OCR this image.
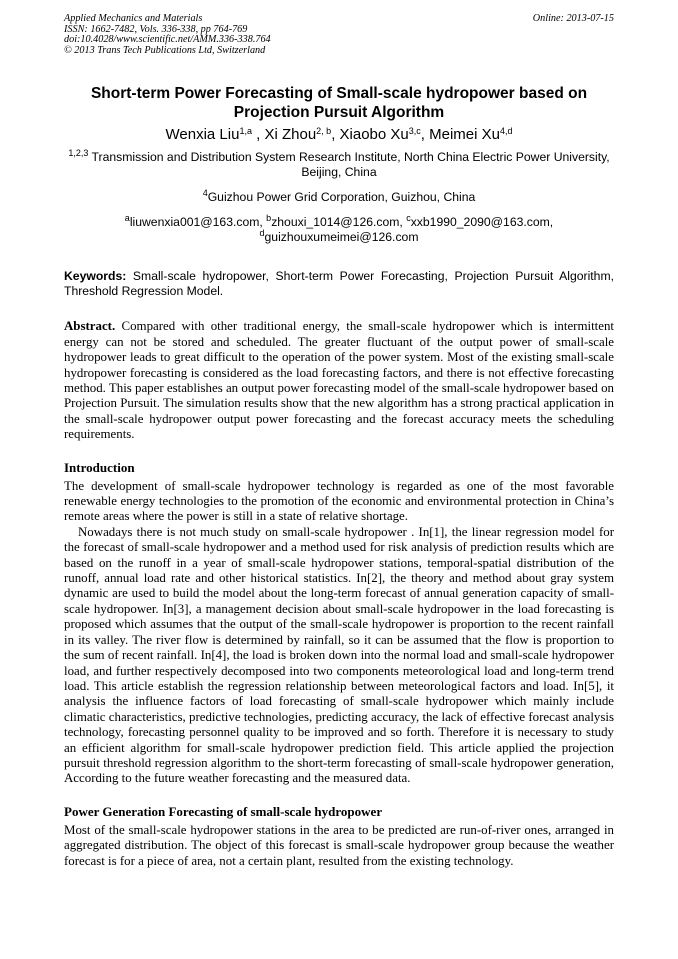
Applied Mechanics and Materials
ISSN: 1662-7482, Vols. 336-338, pp 764-769
doi:10.4028/www.scientific.net/AMM.336-338.764
© 2013 Trans Tech Publications Ltd, Switzerland
Online: 2013-07-15
Short-term Power Forecasting of Small-scale hydropower based on Projection Pursuit Algorithm
Wenxia Liu$^{1,a}$ , Xi Zhou$^{2, b}$, Xiaobo Xu$^{3,c}$, Meimei Xu$^{4,d}$
$^{1,2,3}$ Transmission and Distribution System Research Institute, North China Electric Power University, Beijing, China
$^4$Guizhou Power Grid Corporation, Guizhou, China
$^a$liuwenxia001@163.com, $^b$zhouxi_1014@126.com, $^c$xxb1990_2090@163.com,
$^d$guizhouxumeimei@126.com
Keywords: Small-scale hydropower, Short-term Power Forecasting, Projection Pursuit Algorithm, Threshold Regression Model.
Abstract. Compared with other traditional energy, the small-scale hydropower which is intermittent energy can not be stored and scheduled. The greater fluctuant of the output power of small-scale hydropower leads to great difficult to the operation of the power system. Most of the existing small-scale hydropower forecasting is considered as the load forecasting factors, and there is not effective forecasting method. This paper establishes an output power forecasting model of the small-scale hydropower based on Projection Pursuit. The simulation results show that the new algorithm has a strong practical application in the small-scale hydropower output power forecasting and the forecast accuracy meets the scheduling requirements.
Introduction
The development of small-scale hydropower technology is regarded as one of the most favorable renewable energy technologies to the promotion of the economic and environmental protection in China’s remote areas where the power is still in a state of relative shortage.
Nowadays there is not much study on small-scale hydropower . In[1], the linear regression model for the forecast of small-scale hydropower and a method used for risk analysis of prediction results which are based on the runoff in a year of small-scale hydropower stations, temporal-spatial distribution of the runoff, annual load rate and other historical statistics. In[2], the theory and method about gray system dynamic are used to build the model about the long-term forecast of annual generation capacity of small-scale hydropower. In[3], a management decision about small-scale hydropower in the load forecasting is proposed which assumes that the output of the small-scale hydropower is proportion to the recent rainfall in its valley. The river flow is determined by rainfall, so it can be assumed that the flow is proportion to the sum of recent rainfall. In[4], the load is broken down into the normal load and small-scale hydropower load, and further respectively decomposed into two components meteorological load and long-term trend load. This article establish the regression relationship between meteorological factors and load. In[5], it analysis the influence factors of load forecasting of small-scale hydropower which mainly include climatic characteristics, predictive technologies, predicting accuracy, the lack of effective forecast analysis technology, forecasting personnel quality to be improved and so forth. Therefore it is necessary to study an efficient algorithm for small-scale hydropower prediction field. This article applied the projection pursuit threshold regression algorithm to the short-term forecasting of small-scale hydropower generation, According to the future weather forecasting and the measured data.
Power Generation Forecasting of small-scale hydropower
Most of the small-scale hydropower stations in the area to be predicted are run-of-river ones, arranged in aggregated distribution. The object of this forecast is small-scale hydropower group because the weather forecast is for a piece of area, not a certain plant, resulted from the existing technology.
